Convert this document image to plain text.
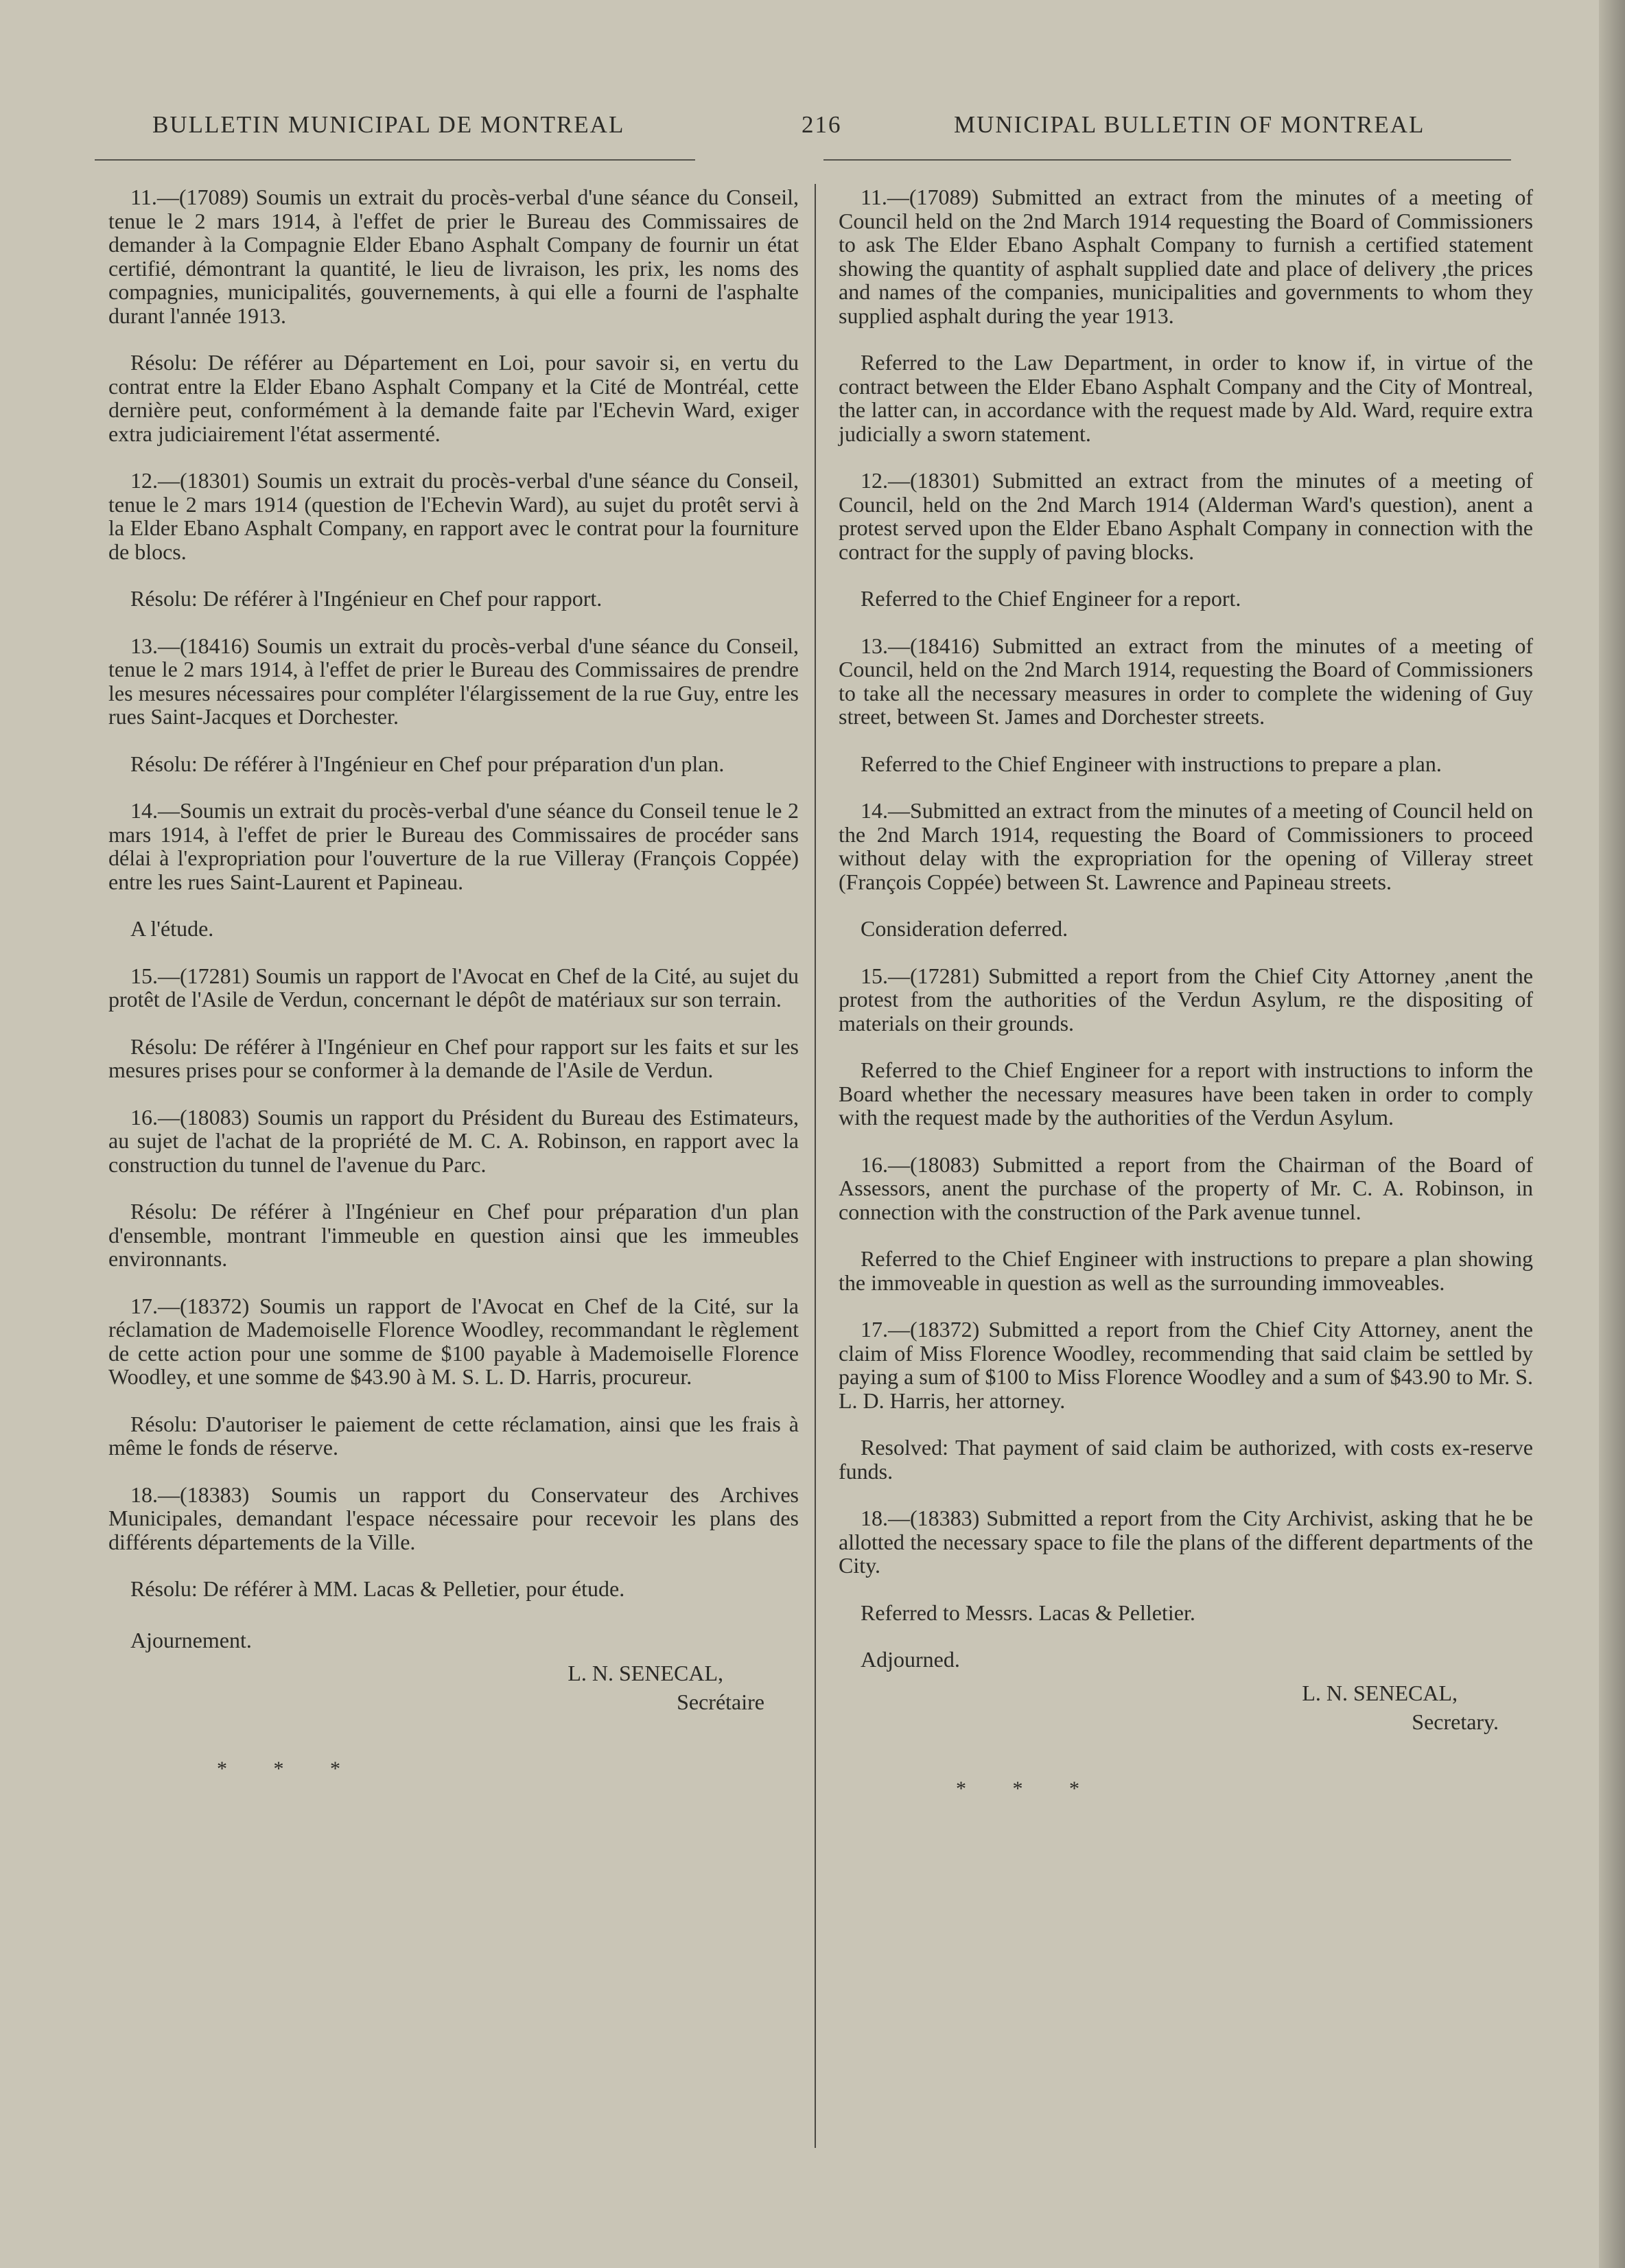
BULLETIN MUNICIPAL DE MONTREAL	216	MUNICIPAL BULLETIN OF MONTREAL

11.—(17089) Soumis un extrait du procès-verbal d'une séance du Conseil, tenue le 2 mars 1914, à l'effet de prier le Bureau des Commissaires de demander à la Compagnie Elder Ebano Asphalt Company de fournir un état certifié, démontrant la quantité, le lieu de livraison, les prix, les noms des compagnies, municipalités, gouvernements, à qui elle a fourni de l'asphalte durant l'année 1913.

Résolu: De référer au Département en Loi, pour savoir si, en vertu du contrat entre la Elder Ebano Asphalt Company et la Cité de Montréal, cette dernière peut, conformément à la demande faite par l'Echevin Ward, exiger extra judiciairement l'état assermenté.

12.—(18301) Soumis un extrait du procès-verbal d'une séance du Conseil, tenue le 2 mars 1914 (question de l'Echevin Ward), au sujet du protêt servi à la Elder Ebano Asphalt Company, en rapport avec le contrat pour la fourniture de blocs.

Résolu: De référer à l'Ingénieur en Chef pour rapport.

13.—(18416) Soumis un extrait du procès-verbal d'une séance du Conseil, tenue le 2 mars 1914, à l'effet de prier le Bureau des Commissaires de prendre les mesures nécessaires pour compléter l'élargissement de la rue Guy, entre les rues Saint-Jacques et Dorchester.

Résolu: De référer à l'Ingénieur en Chef pour préparation d'un plan.

14.—Soumis un extrait du procès-verbal d'une séance du Conseil tenue le 2 mars 1914, à l'effet de prier le Bureau des Commissaires de procéder sans délai à l'expropriation pour l'ouverture de la rue Villeray (François Coppée) entre les rues Saint-Laurent et Papineau.

A l'étude.

15.—(17281) Soumis un rapport de l'Avocat en Chef de la Cité, au sujet du protêt de l'Asile de Verdun, concernant le dépôt de matériaux sur son terrain.

Résolu: De référer à l'Ingénieur en Chef pour rapport sur les faits et sur les mesures prises pour se conformer à la demande de l'Asile de Verdun.

16.—(18083) Soumis un rapport du Président du Bureau des Estimateurs, au sujet de l'achat de la propriété de M. C. A. Robinson, en rapport avec la construction du tunnel de l'avenue du Parc.

Résolu: De référer à l'Ingénieur en Chef pour préparation d'un plan d'ensemble, montrant l'immeuble en question ainsi que les immeubles environnants.

17.—(18372) Soumis un rapport de l'Avocat en Chef de la Cité, sur la réclamation de Mademoiselle Florence Woodley, recommandant le règlement de cette action pour une somme de $100 payable à Mademoiselle Florence Woodley, et une somme de $43.90 à M. S. L. D. Harris, procureur.

Résolu: D'autoriser le paiement de cette réclamation, ainsi que les frais à même le fonds de réserve.

18.—(18383) Soumis un rapport du Conservateur des Archives Municipales, demandant l'espace nécessaire pour recevoir les plans des différents départements de la Ville.

Résolu: De référer à MM. Lacas & Pelletier, pour étude.

Ajournement.

L. N. SENECAL,
Secrétaire
* * *

11.—(17089) Submitted an extract from the minutes of a meeting of Council held on the 2nd March 1914 requesting the Board of Commissioners to ask The Elder Ebano Asphalt Company to furnish a certified statement showing the quantity of asphalt supplied date and place of delivery ,the prices and names of the companies, municipalities and governments to whom they supplied asphalt during the year 1913.

Referred to the Law Department, in order to know if, in virtue of the contract between the Elder Ebano Asphalt Company and the City of Montreal, the latter can, in accordance with the request made by Ald. Ward, require extra judicially a sworn statement.

12.—(18301) Submitted an extract from the minutes of a meeting of Council, held on the 2nd March 1914 (Alderman Ward's question), anent a protest served upon the Elder Ebano Asphalt Company in connection with the contract for the supply of paving blocks.

Referred to the Chief Engineer for a report.

13.—(18416) Submitted an extract from the minutes of a meeting of Council, held on the 2nd March 1914, requesting the Board of Commissioners to take all the necessary measures in order to complete the widening of Guy street, between St. James and Dorchester streets.

Referred to the Chief Engineer with instructions to prepare a plan.

14.—Submitted an extract from the minutes of a meeting of Council held on the 2nd March 1914, requesting the Board of Commissioners to proceed without delay with the expropriation for the opening of Villeray street (François Coppée) between St. Lawrence and Papineau streets.

Consideration deferred.

15.—(17281) Submitted a report from the Chief City Attorney ,anent the protest from the authorities of the Verdun Asylum, re the dispositing of materials on their grounds.

Referred to the Chief Engineer for a report with instructions to inform the Board whether the necessary measures have been taken in order to comply with the request made by the authorities of the Verdun Asylum.

16.—(18083) Submitted a report from the Chairman of the Board of Assessors, anent the purchase of the property of Mr. C. A. Robinson, in connection with the construction of the Park avenue tunnel.

Referred to the Chief Engineer with instructions to prepare a plan showing the immoveable in question as well as the surrounding immoveables.

17.—(18372) Submitted a report from the Chief City Attorney, anent the claim of Miss Florence Woodley, recommending that said claim be settled by paying a sum of $100 to Miss Florence Woodley and a sum of $43.90 to Mr. S. L. D. Harris, her attorney.

Resolved: That payment of said claim be authorized, with costs ex-reserve funds.

18.—(18383) Submitted a report from the City Archivist, asking that he be allotted the necessary space to file the plans of the different departments of the City.

Referred to Messrs. Lacas & Pelletier.

Adjourned.

L. N. SENECAL,
Secretary.
* * *
